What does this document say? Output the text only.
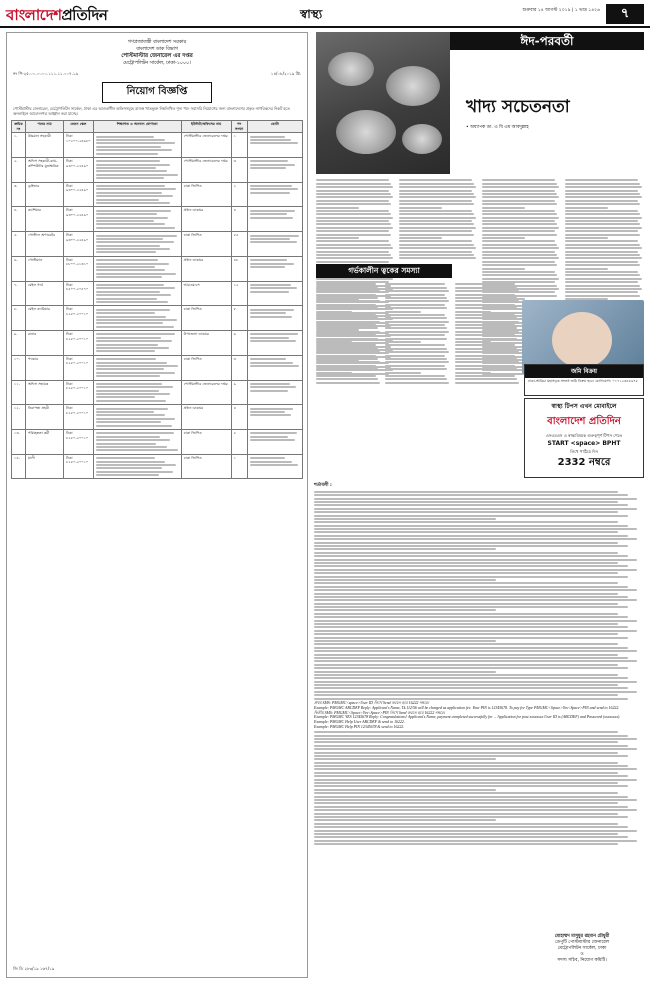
বাংলাদেশপ্রতিদিন	স্বাস্থ্য	শুক্রবার ১৪ আগস্ট ২০১৯ | ১ ভাদ্র ১৪২৬	৭
গণপ্রজাতন্ত্রী বাংলাদেশ সরকার
বাংলাদেশ ডাক বিভাগ
পোস্টমাস্টার জেনারেল এর দপ্তর
মেট্রোপলিটন সার্কেল, ঢাকা-১০০০।
নং পি-২৫.০০.০০০০.১১১.১১.০০৭.১৯	১৪/০৮/২০১৯ খ্রি.
নিয়োগ বিজ্ঞপ্তি
পোস্টমাস্টার জেনারেল, মেট্রোপলিটন সার্কেল, ঢাকা এর আওতাধীন অফিসসমূহে রাজস্ব খাতভুক্ত নিম্নলিখিত শূন্য পদে সরাসরি নিয়োগের জন্য বাংলাদেশের প্রকৃত নাগরিকদের নিকট হতে অনলাইনে আবেদনপত্র আহ্বান করা যাচ্ছে।
ক্রমিক নং	পদের নাম	বেতন স্কেল	শিক্ষাগত ও অন্যান্য যোগ্যতা	ইউনিট/অফিসের নাম	পদ সংখ্যা	কোটা
১.	উচ্চমান সহকারী	টাকা ১০২০০-২৪৬৮০		পোস্টমাস্টার জেনারেলের দপ্তর	১	

২.	অফিস সহকারী-কাম-কম্পিউটার মুদ্রাক্ষরিক	টাকা ৯৩০০-২২৪৯০		পোস্টমাস্টার জেনারেলের দপ্তর	৩	

৩.	ড্রাইভার	টাকা ৯৩০০-২২৪৯০		ঢাকা জিপিও	২	

৪.	ক্যাশিয়ার	টাকা ৯৩০০-২২৪৯০		প্রধান ডাকঘর	৪	

৫.	পোস্টাল অপারেটর	টাকা ৯৩০০-২২৪৯০		ঢাকা জিপিও	৫৫	

৬.	পোস্টম্যান	টাকা ৮৮০০-২১৩১০		প্রধান ডাকঘর	৪৮	

৭.	মেইল গার্ড	টাকা ৮৫০০-২০৫৭০		আরএমএস	১২	

৮.	মেইল ক্যারিয়ার	টাকা ৮২৫০-২০০১০		ঢাকা জিপিও	৮	

৯.	রানার	টাকা ৮২৫০-২০০১০		উপজেলা ডাকঘর	৬	

১০.	প্যাকার	টাকা ৮২৫০-২০০১০		ঢাকা জিপিও	৩	

১১.	অফিস সহায়ক	টাকা ৮২৫০-২০০১০		পোস্টমাস্টার জেনারেলের দপ্তর	৯	

১২.	নিরাপত্তা প্রহরী	টাকা ৮২৫০-২০০১০		প্রধান ডাকঘর	৪	

১৩.	পরিচ্ছন্নতা কর্মী	টাকা ৮২৫০-২০০১০		ঢাকা জিপিও	৫	

১৪.	মালী	টাকা ৮২৫০-২০০১০		ঢাকা জিপিও	১	
জি ডি ২৮৩/১৯ ১৬৭/১৯
ঈদ-পরবর্তী
খাদ্য সচেতনতা
• অধ্যাপক ডা. এ বি এম আবদুল্লাহ
গর্ভকালীন ত্বকের সমস্যা
জমি বিক্রয়
ঢাকা-আরিচা মহাসড়ক সংলগ্ন জমি বিক্রয় হবে। যোগাযোগ: ০১৭১২৩৪৫৬৭৮
স্বাস্থ্য টিপস এখন মোবাইলে
বাংলাদেশ প্রতিদিন
এসএমএস এ স্বাস্থ্যবিষয়ক গুরুত্বপূর্ণ টিপস পেতে
START <space> BPHT
লিখে পাঠিয়ে দিন
2332 নম্বরে
শর্তাবলী :
প্রথম SMS: PMGMC<space>User ID লিখে Send করতে হবে 16222 নম্বরে।
Example: PMGMC ABCDEF Reply: Applicant's Name, Tk.112/56 will be charged as application fee. Your PIN is 12345678. To pay fee Type PMGMC<Space>Yes<Space>PIN and send to 16222.
দ্বিতীয় SMS: PMGMC<Space>Yes<Space>PIN লিখে Send করতে হবে 16222 নম্বরে।
Example: PMGMC YES 12345678 Reply: Congratulations! Applicant's Name, payment completed successfully for ... Application for post xxxxxxxx User ID is (ABCDEF) and Password (xxxxxxxx).
Example: PMGMC Help User ABCDEF & send to 16222.
Example: PMGMC Help PIN 12345678 & send to 16222.
মোহাম্মদ মাসুমুর রহমান চৌধুরী
ডেপুটি পোস্টমাস্টার জেনারেল
মেট্রোপলিটন সার্কেল, ঢাকা
ও
সদস্য সচিব, নিয়োগ কমিটি।
